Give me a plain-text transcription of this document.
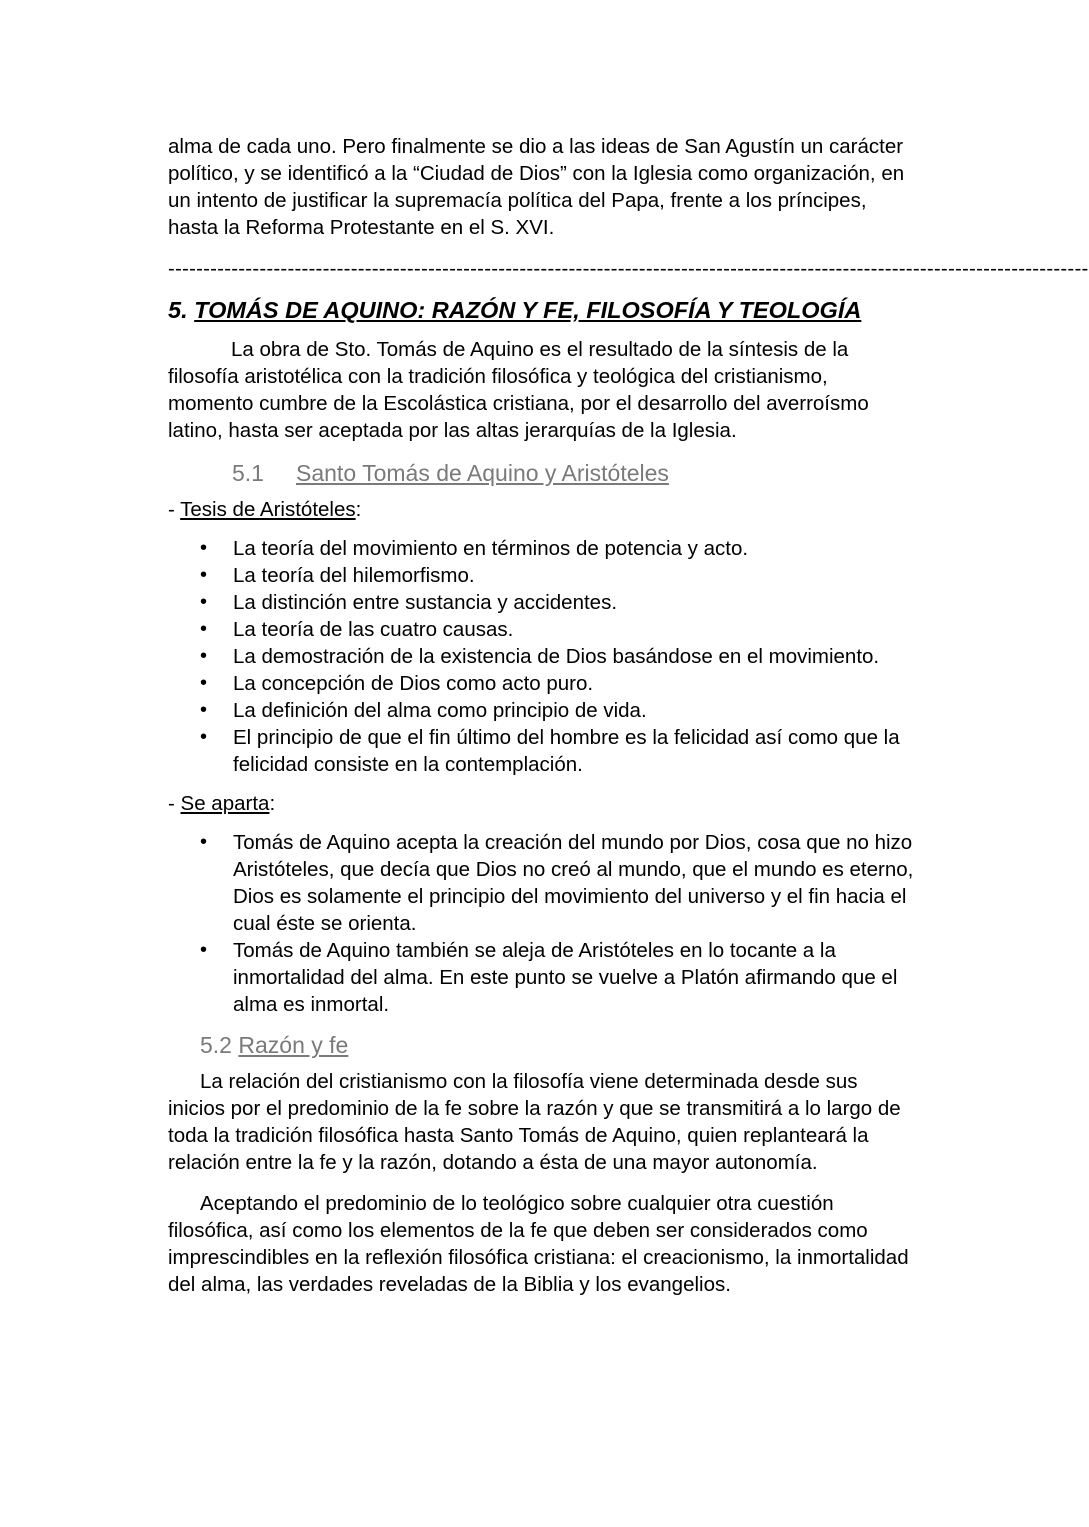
alma de cada uno. Pero finalmente se dio a las ideas de San Agustín un carácter político, y se identificó a la “Ciudad de Dios” con la Iglesia como organización, en un intento de justificar la supremacía política del Papa, frente a los príncipes, hasta la Reforma Protestante en el S. XVI.

-----------------------------------------------------------------------------------------------------------------------------------
5. TOMÁS DE AQUINO: RAZÓN Y FE, FILOSOFÍA Y TEOLOGÍA

La obra de Sto. Tomás de Aquino es el resultado de la síntesis de la filosofía aristotélica con la tradición filosófica y teológica del cristianismo, momento cumbre de la Escolástica cristiana, por el desarrollo del averroísmo latino, hasta ser aceptada por las altas jerarquías de la Iglesia.

5.1 Santo Tomás de Aquino y Aristóteles

- Tesis de Aristóteles:

• La teoría del movimiento en términos de potencia y acto.
• La teoría del hilemorfismo.
• La distinción entre sustancia y accidentes.
• La teoría de las cuatro causas.
• La demostración de la existencia de Dios basándose en el movimiento.
• La concepción de Dios como acto puro.
• La definición del alma como principio de vida.
• El principio de que el fin último del hombre es la felicidad así como que la felicidad consiste en la contemplación.

- Se aparta:

• Tomás de Aquino acepta la creación del mundo por Dios, cosa que no hizo Aristóteles, que decía que Dios no creó al mundo, que el mundo es eterno, Dios es solamente el principio del movimiento del universo y el fin hacia el cual éste se orienta.
• Tomás de Aquino también se aleja de Aristóteles en lo tocante a la inmortalidad del alma. En este punto se vuelve a Platón afirmando que el alma es inmortal.
5.2 Razón y fe

La relación del cristianismo con la filosofía viene determinada desde sus inicios por el predominio de la fe sobre la razón y que se transmitirá a lo largo de toda la tradición filosófica hasta Santo Tomás de Aquino, quien replanteará la relación entre la fe y la razón, dotando a ésta de una mayor autonomía.

Aceptando el predominio de lo teológico sobre cualquier otra cuestión filosófica, así como los elementos de la fe que deben ser considerados como imprescindibles en la reflexión filosófica cristiana: el creacionismo, la inmortalidad del alma, las verdades reveladas de la Biblia y los evangelios.
